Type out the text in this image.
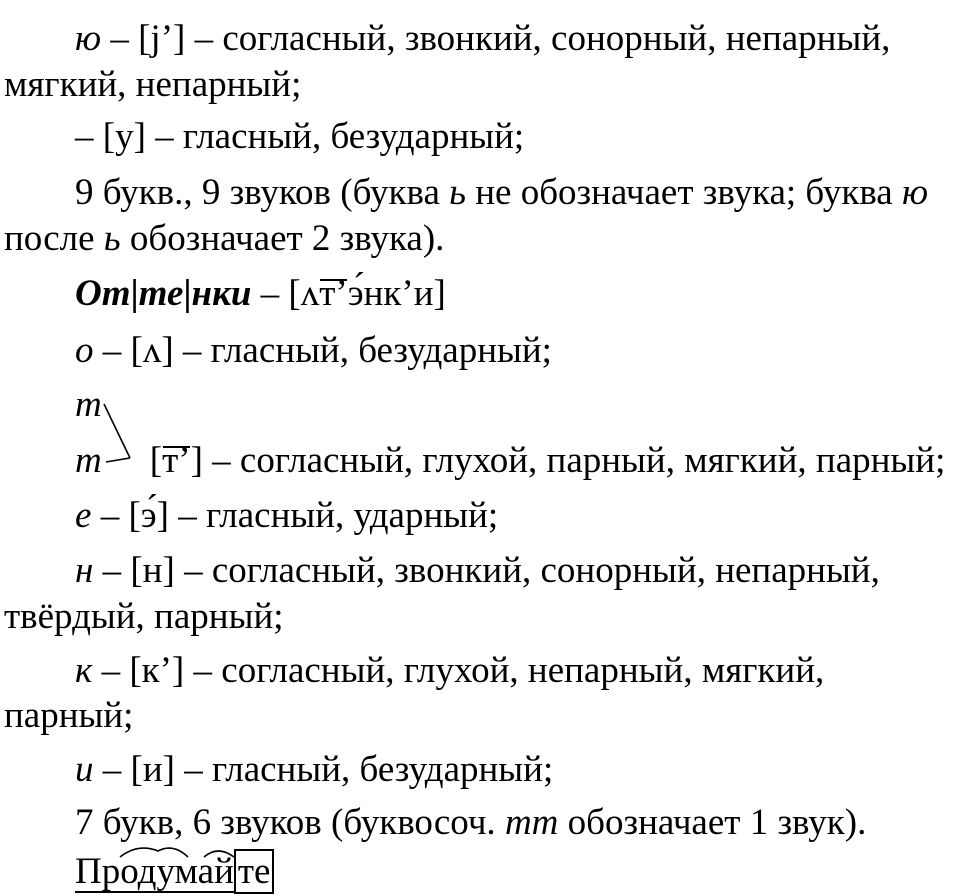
ю – [j’] – согласный, звонкий, сонорный, непарный,
мягкий, непарный;
– [у] – гласный, безударный;
9 букв., 9 звуков (буква ь не обозначает звука; буква ю
после ь обозначает 2 звука).
От|те|нки – [ʌт’э́нк’и]
о – [ʌ] – гласный, безударный;
т
т [т’] – согласный, глухой, парный, мягкий, парный;
е – [э́] – гласный, ударный;
н – [н] – согласный, звонкий, сонорный, непарный,
твёрдый, парный;
к – [к’] – согласный, глухой, непарный, мягкий,
парный;
и – [и] – гласный, безударный;
7 букв, 6 звуков (буквосоч. тт обозначает 1 звук).
Продумай те
